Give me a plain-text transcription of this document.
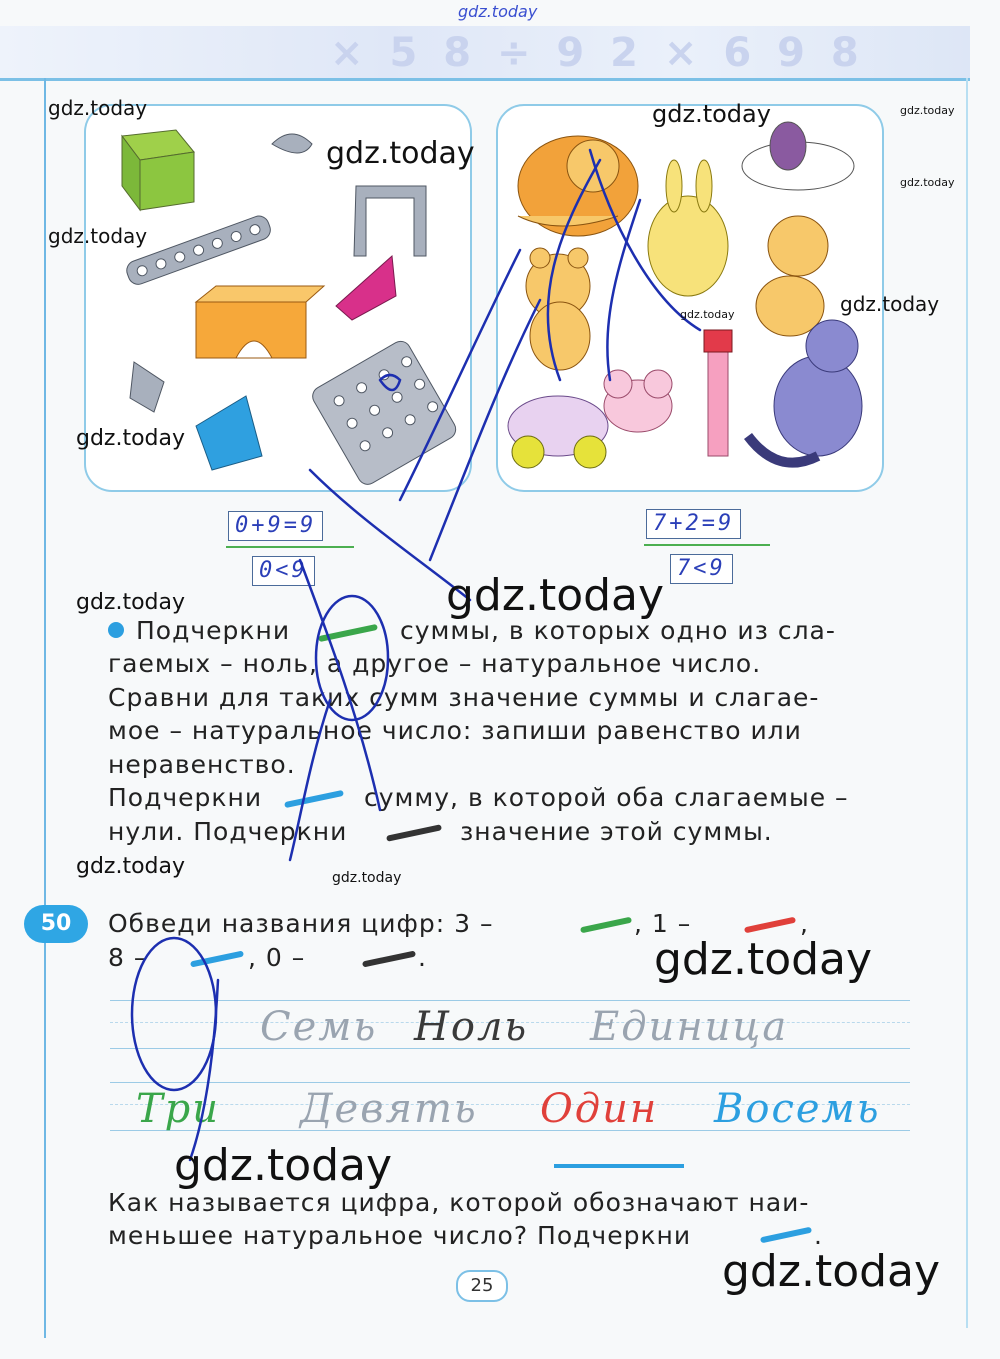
gdz.today
× 5 8 ÷ 9 2 × 6 9 8
0+9=9
0<9
7+2=9
7<9
Подчеркни	суммы, в которых одно из сла-
гаемых – ноль, а другое – натуральное число.
Сравни для таких сумм значение суммы и слагае-
мое – натуральное число: запиши равенство или
неравенство.
Подчеркни	сумму, в которой оба слагаемые –
нули. Подчеркни	значение этой суммы.
50	Обведи названия цифр: 3 –	, 1 –	,
8 –	, 0 –	.
Семь Ноль Единица
Три Девять Один Восемь
Как называется цифра, которой обозначают наи-
меньшее натуральное число? Подчеркни	.
25
gdz.today
gdz.today
gdz.today
gdz.today	gdz.today
gdz.today
gdz.today
gdz.today
gdz.today
gdz.today
gdz.today
gdz.today	gdz.today
gdz.today
gdz.today
gdz.today
